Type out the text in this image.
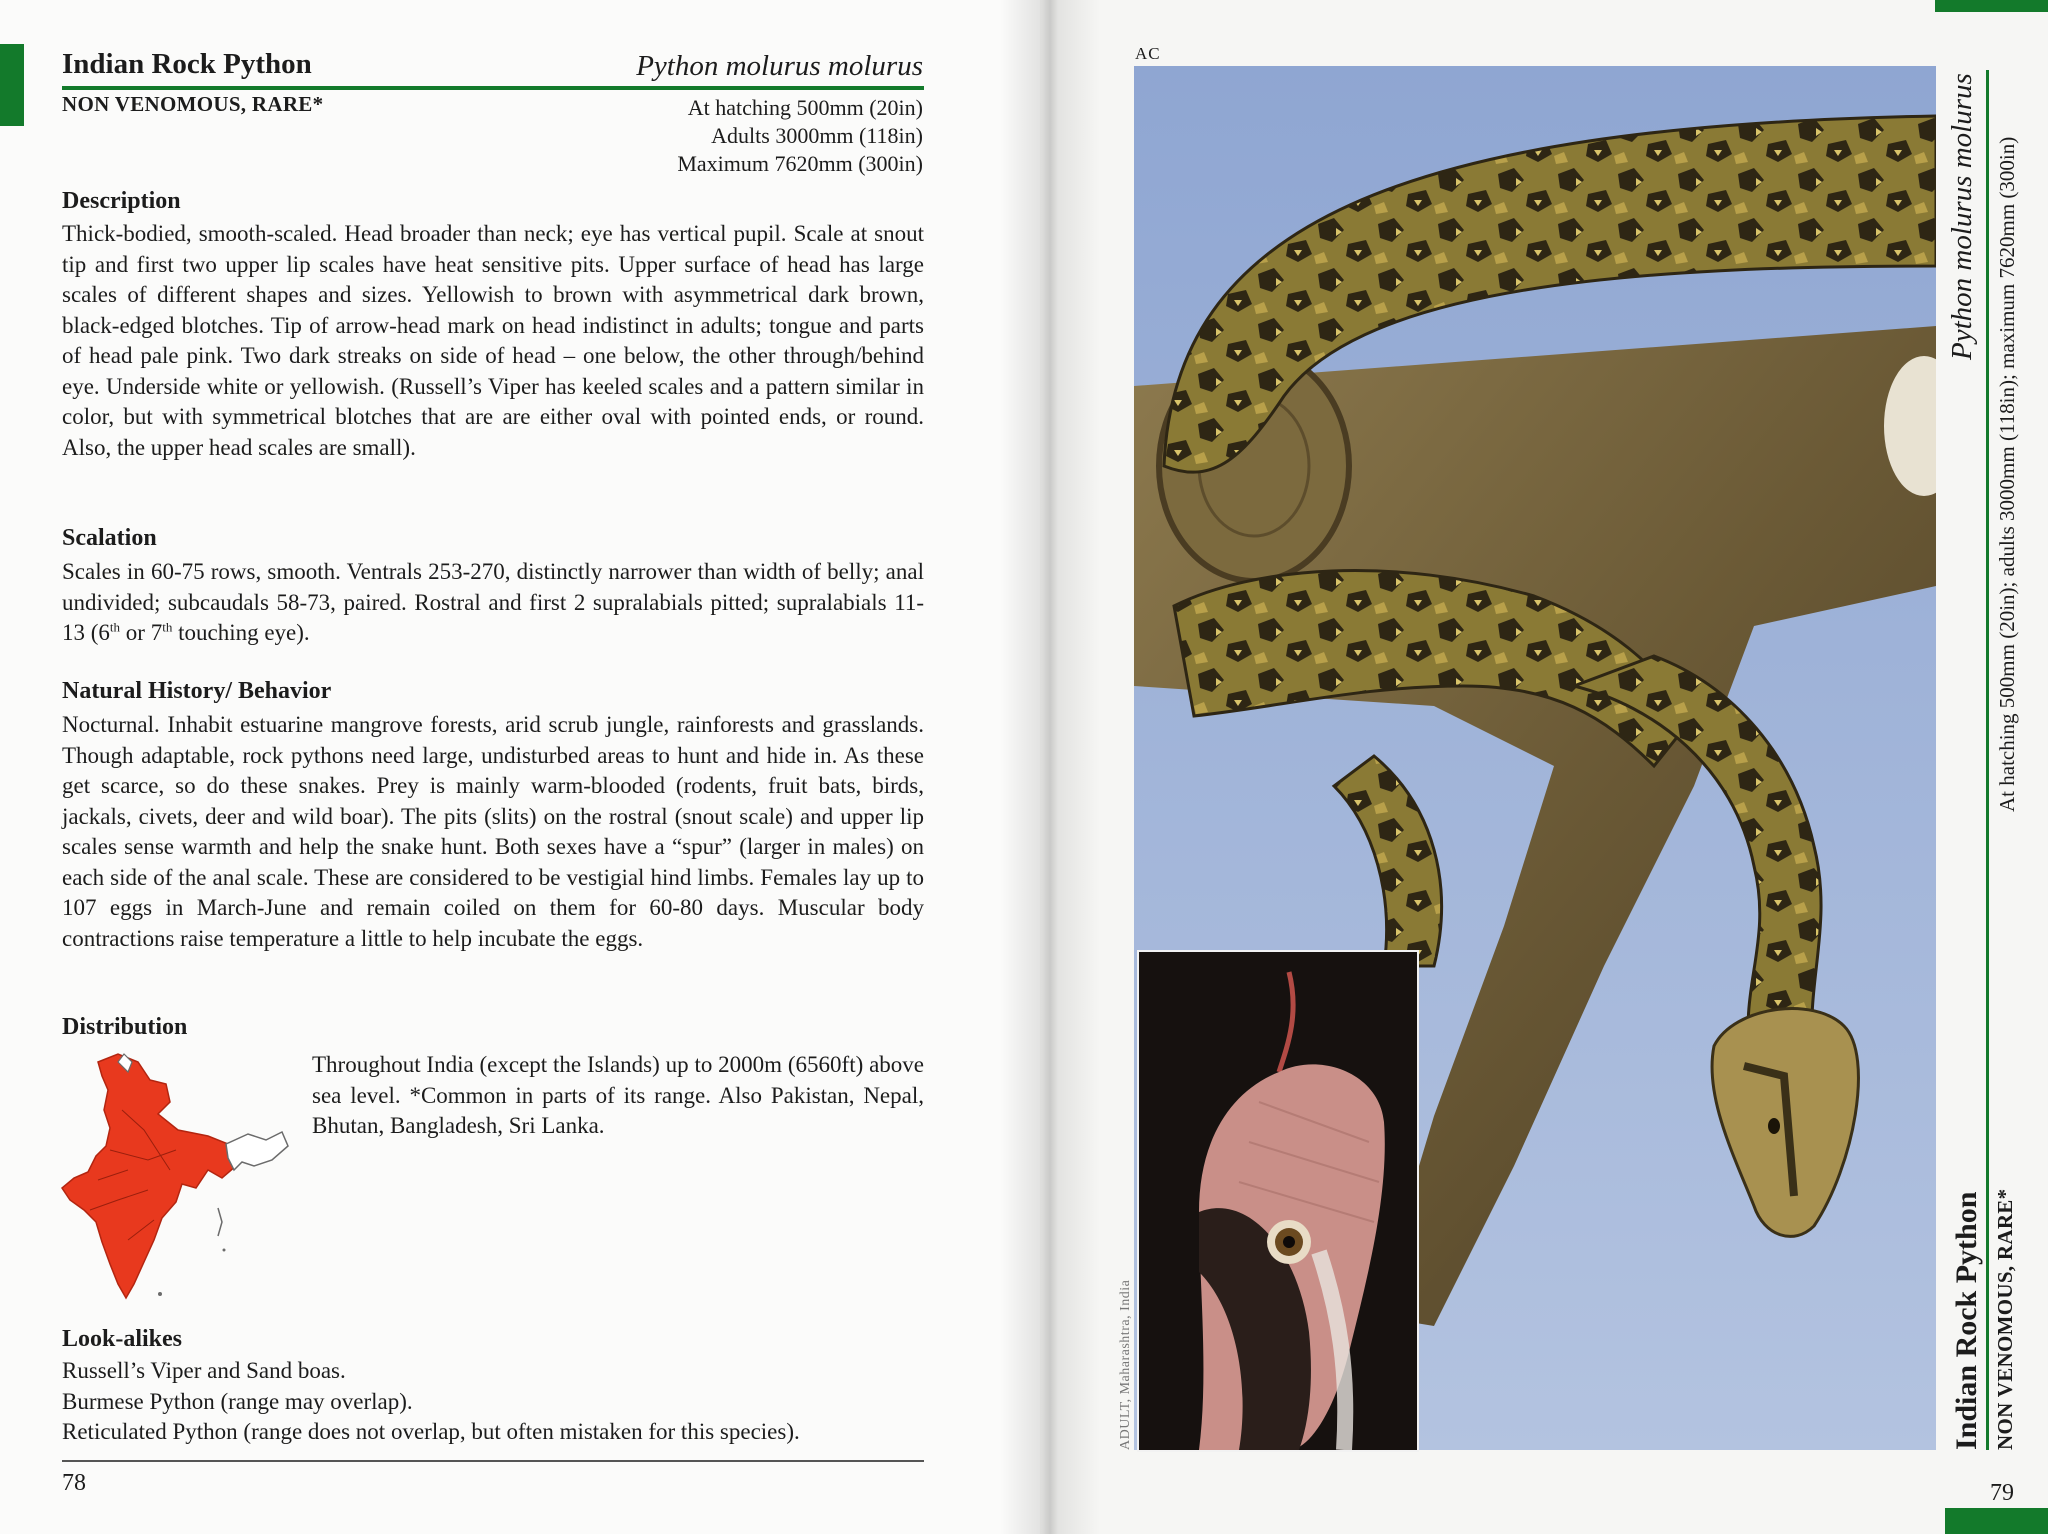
Indian Rock Python	Python molurus molurus
NON VENOMOUS, RARE*	At hatching 500mm (20in)
Adults 3000mm (118in)
Maximum 7620mm (300in)
Description
Thick-bodied, smooth-scaled. Head broader than neck; eye has vertical pupil. Scale at snout tip and first two upper lip scales have heat sensitive pits. Upper surface of head has large scales of different shapes and sizes. Yellowish to brown with asymmetrical dark brown, black-edged blotches. Tip of arrow-head mark on head indistinct in adults; tongue and parts of head pale pink. Two dark streaks on side of head – one below, the other through/behind eye. Underside white or yellowish. (Russell’s Viper has keeled scales and a pattern similar in color, but with symmetrical blotches that are are either oval with pointed ends, or round. Also, the upper head scales are small).
Scalation
Scales in 60-75 rows, smooth. Ventrals 253-270, distinctly narrower than width of belly; anal undivided; subcaudals 58-73, paired. Rostral and first 2 supralabials pitted; supralabials 11-13 (6th or 7th touching eye).
Natural History/ Behavior
Nocturnal. Inhabit estuarine mangrove forests, arid scrub jungle, rainforests and grasslands. Though adaptable, rock pythons need large, undisturbed areas to hunt and hide in. As these get scarce, so do these snakes. Prey is mainly warm-blooded (rodents, fruit bats, birds, jackals, civets, deer and wild boar). The pits (slits) on the rostral (snout scale) and upper lip scales sense warmth and help the snake hunt. Both sexes have a “spur” (larger in males) on each side of the anal scale. These are considered to be vestigial hind limbs. Females lay up to 107 eggs in March-June and remain coiled on them for 60-80 days. Muscular body contractions raise temperature a little to help incubate the eggs.
Distribution
Throughout India (except the Islands) up to 2000m (6560ft) above sea level. *Common in parts of its range. Also Pakistan, Nepal, Bhutan, Bangladesh, Sri Lanka.
Look-alikes
Russell’s Viper and Sand boas.
Burmese Python (range may overlap).
Reticulated Python (range does not overlap, but often mistaken for this species).
78
AC
ADULT, Maharashtra, India	Indian Rock Python NON VENOMOUS, RARE*
Python molurus molurus At hatching 500mm (20in); adults 3000mm (118in); maximum 7620mm (300in)
79
